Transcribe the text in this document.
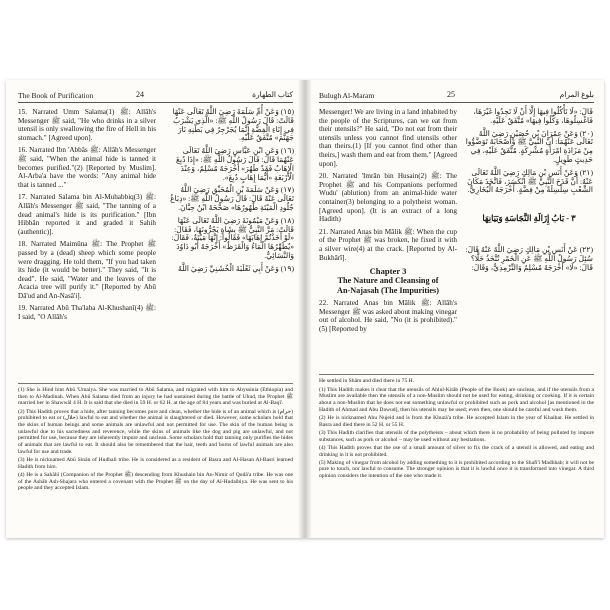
The Book of Purification	24	كتاب الطهارة

15. Narrated Umm Salama(1) ﷺ: Allāh's Messenger ﷺ said, "He who drinks in a silver utensil is only swallowing the fire of Hell in his stomach." [Agreed upon].

16. Narrated Ibn 'Abbās ﷺ: Allāh's Messenger ﷺ said, "When the animal hide is tanned it becomes purified."(2) [Reported by Muslim]. Al-Arba'a have the words: "Any animal hide that is tanned ..."

17. Narrated Salama bin Al-Muhabbiq(3) ﷺ: Allāh's Messenger ﷺ said, "The tanning of a dead animal's hide is its purification." [Ibn Hibbān reported it and graded it Sahih (authentic)].

18. Narrated Maimūna ﷺ: The Prophet ﷺ passed by a (dead) sheep which some people were dragging. He told them, "If you had taken its hide (it would be better)." They said, "It is dead". He said, "Water and the leaves of the Acacia tree will purify it." [Reported by Abū Dā'ud and An-Nasā'i].

19. Narrated Abū Tha'laba Al-Khushanī(4) ﷺ: I said, "O Allāh's

(١٥) وَعَنْ أُمِّ سَلَمَةَ رَضِيَ اللَّهُ تَعَالَى عَنْهَا قَالَتْ: قَالَ رَسُولُ اللَّهِ ﷺ: «الَّذِي يَشْرَبُ فِي إِنَاءِ الْفِضَّةِ إِنَّمَا يُجَرْجِرُ فِي بَطْنِهِ نَارَ جَهَنَّمَ» مُتَّفَقٌ عَلَيْهِ.

(١٦) وَعَنِ ابْنِ عَبَّاسٍ رَضِيَ اللَّهُ تَعَالَى عَنْهُمَا قَالَ: قَالَ رَسُولُ اللَّهِ ﷺ: «إِذَا دُبِغَ الْإِهَابُ فَقَدْ طَهُرَ» أَخْرَجَهُ مُسْلِمٌ، وَعِنْدَ الْأَرْبَعَةِ «أَيُّمَا إِهَابٍ دُبِغَ».

(١٧) وَعَنْ سَلَمَةَ بْنِ الْمُحَبِّقِ رَضِيَ اللَّهُ تَعَالَى عَنْهُ قَالَ: قَالَ رَسُولُ اللَّهِ ﷺ: «دِبَاغُ جُلُودِ الْمَيْتَةِ طُهُورُهَا» صَحَّحَهُ ابْنُ حِبَّانَ.

(١٨) وَعَنْ مَيْمُونَةَ رَضِيَ اللَّهُ تَعَالَى عَنْهَا قَالَتْ: مَرَّ النَّبِيُّ ﷺ بِشَاةٍ يَجُرُّونَهَا، فَقَالَ: «لَوْ أَخَذْتُمْ إِهَابَهَا» فَقَالُوا: إِنَّهَا مَيْتَةٌ، فَقَالَ: «يُطَهِّرُهَا الْمَاءُ وَالْقَرَظُ» أَخْرَجَهُ أَبُو دَاوُدَ وَالنَّسَائِيُّ.

(١٩) وَعَنْ أَبِي ثَعْلَبَةَ الْخُشَنِيِّ رَضِيَ اللَّهُ

(1) She is Hind bint Abū 'Umaiya. She was married to Abū Salama, and migrated with him to Abyssinia (Ethiopia) and then to Al-Madinah. When Abū Salama died from an injury he had sustained during the battle of Uhud, the Prophet ﷺ married her in Shawwāl 4 H. It is said that she died in 59 H. or 62 H. at the age of 84 years and was buried at Al-Baqī'.

(2) This Hadith proves that a hide, after tanning becomes pure and clean, whether the hide is of an animal which is (حرام) prohibited to eat or (حلال) lawful to eat and whether the animal is slaughtered or died. However, some scholars hold that the skins of human beings and some animals are unlawful and not permitted for use. The skin of the human being is unlawful due to his sacredness and reverence, while the skins of animals like the dog and pig are unlawful, and not permitted for use, because they are inherently impure and unclean. Some scholars hold that tanning only purifies the hides of animals that are lawful to eat. It should also be remembered that the hair, teeth and horns of lawful animals are also lawful for use and trade.

(3) He is nicknamed Abū Sinān of Hudhali tribe. He is considered as a resident of Basra and Al-Hasan Al-Basri learned Hadith from him.

(4) He is a Sahābī (Companion of the Prophet ﷺ) descending from Khushain bin An-Nimir of Qudā'a tribe. He was one of the Ashāb Ash-Shajara who entered a covenant with the Prophet ﷺ on the day of Al-Hudaibiya. He was sent to his people and they accepted Islam.

Bulugh Al-Maram	25	بلوغ المرام

Messenger! We are living in a land inhabited by the people of the Scriptures, can we eat from their utensils?" He said, "Do not eat from their utensils unless you cannot find utensils other than theirs.(1) [If you cannot find other than theirs,] wash them and eat from them." [Agreed upon].

20. Narrated 'Imrān bin Husain(2) ﷺ: The Prophet ﷺ and his Companions performed Wudu' (ablution) from an animal-hide water container(3) belonging to a polytheist woman. [Agreed upon]. (It is an extract of a long Hadith)

21. Narrated Anas bin Mālik ﷺ: When the cup of the Prophet ﷺ was broken, he fixed it with a silver wire(4) at the crack. [Reported by Al-Bukhārī].

Chapter 3
The Nature and Cleansing of
An-Najasah (The Impurities)

22. Narrated Anas bin Mālik ﷺ: Allāh's Messenger ﷺ was asked about making vinegar out of alcohol. He said, "No (it is prohibited)."(5) [Reported by

قَالَ: «لَا تَأْكُلُوا فِيهَا إِلَّا أَنْ لَا تَجِدُوا غَيْرَهَا، فَاغْسِلُوهَا، وَكُلُوا فِيهَا» مُتَّفَقٌ عَلَيْهِ.

(٢٠) وَعَنْ عِمْرَانَ بْنِ حُصَيْنٍ رَضِيَ اللَّهُ تَعَالَى عَنْهُمَا: أَنَّ النَّبِيَّ ﷺ وَأَصْحَابَهُ تَوَضَّؤُوا مِنْ مَزَادَةِ امْرَأَةٍ مُشْرِكَةٍ. مُتَّفَقٌ عَلَيْهِ، فِي حَدِيثٍ طَوِيلٍ.

(٢١) وَعَنْ أَنَسِ بْنِ مَالِكٍ رَضِيَ اللَّهُ تَعَالَى عَنْهُ: أَنَّ قَدَحَ النَّبِيِّ ﷺ انْكَسَرَ، فَاتَّخَذَ مَكَانَ الشَّعْبِ سِلْسِلَةً مِنْ فِضَّةٍ. أَخْرَجَهُ الْبُخَارِيُّ.

٣ - بَابُ إِزَالَةِ النَّجَاسَةِ وَبَيَانِهَا

(٢٢) عَنْ أَنَسِ بْنِ مَالِكٍ رَضِيَ اللَّهُ عَنْهُ قَالَ: سُئِلَ رَسُولُ اللَّهِ ﷺ عَنِ الْخَمْرِ تُتَّخَذُ خَلًّا؟ قَالَ: «لَا» أَخْرَجَهُ مُسْلِمٌ وَالتِّرْمِذِيُّ، وَقَالَ:

He settled in Shām and died there in 75 H.

(1) This Hadith makes it clear that the utensils of Ahlul-Kitāb (People of the Book) are unclean, and if the utensils from a Muslim are available then the utensils of a non-Muslim should not be used for eating, drinking or cooking. If it is certain about a non-Muslim that he does not eat something unlawful or prohibited such as pork and alcohol [as mentioned in the Hadith of Ahmad and Abu Dawud], then his utensils may be used; even then, one should be careful and wash them.

(2) He is nicknamed Abu Nujeid and is from the Khuzā'a tribe. He accepted Islam in the year of Khaibar. He settled in Basra and died there in 52 H. or 55 H.

(3) This Hadith clarifies that utensils of the polytheists – about which there is no probability of being polluted by impure substances, such as pork or alcohol – may be used without any hesitations.

(4) This Hadith proves that the use of a small amount of silver to fix the crack of a utensil is allowed, and eating and drinking in it is not prohibited.

(5) Making of vinegar from alcohol by adding something to it is prohibited according to the Shafi'ī Madhhab; it will not be pure to touch, nor lawful to consume. The stronger opinion is that it is lawful once it is transformed into vinegar. A third opinion considers the intention of the one who made it.
